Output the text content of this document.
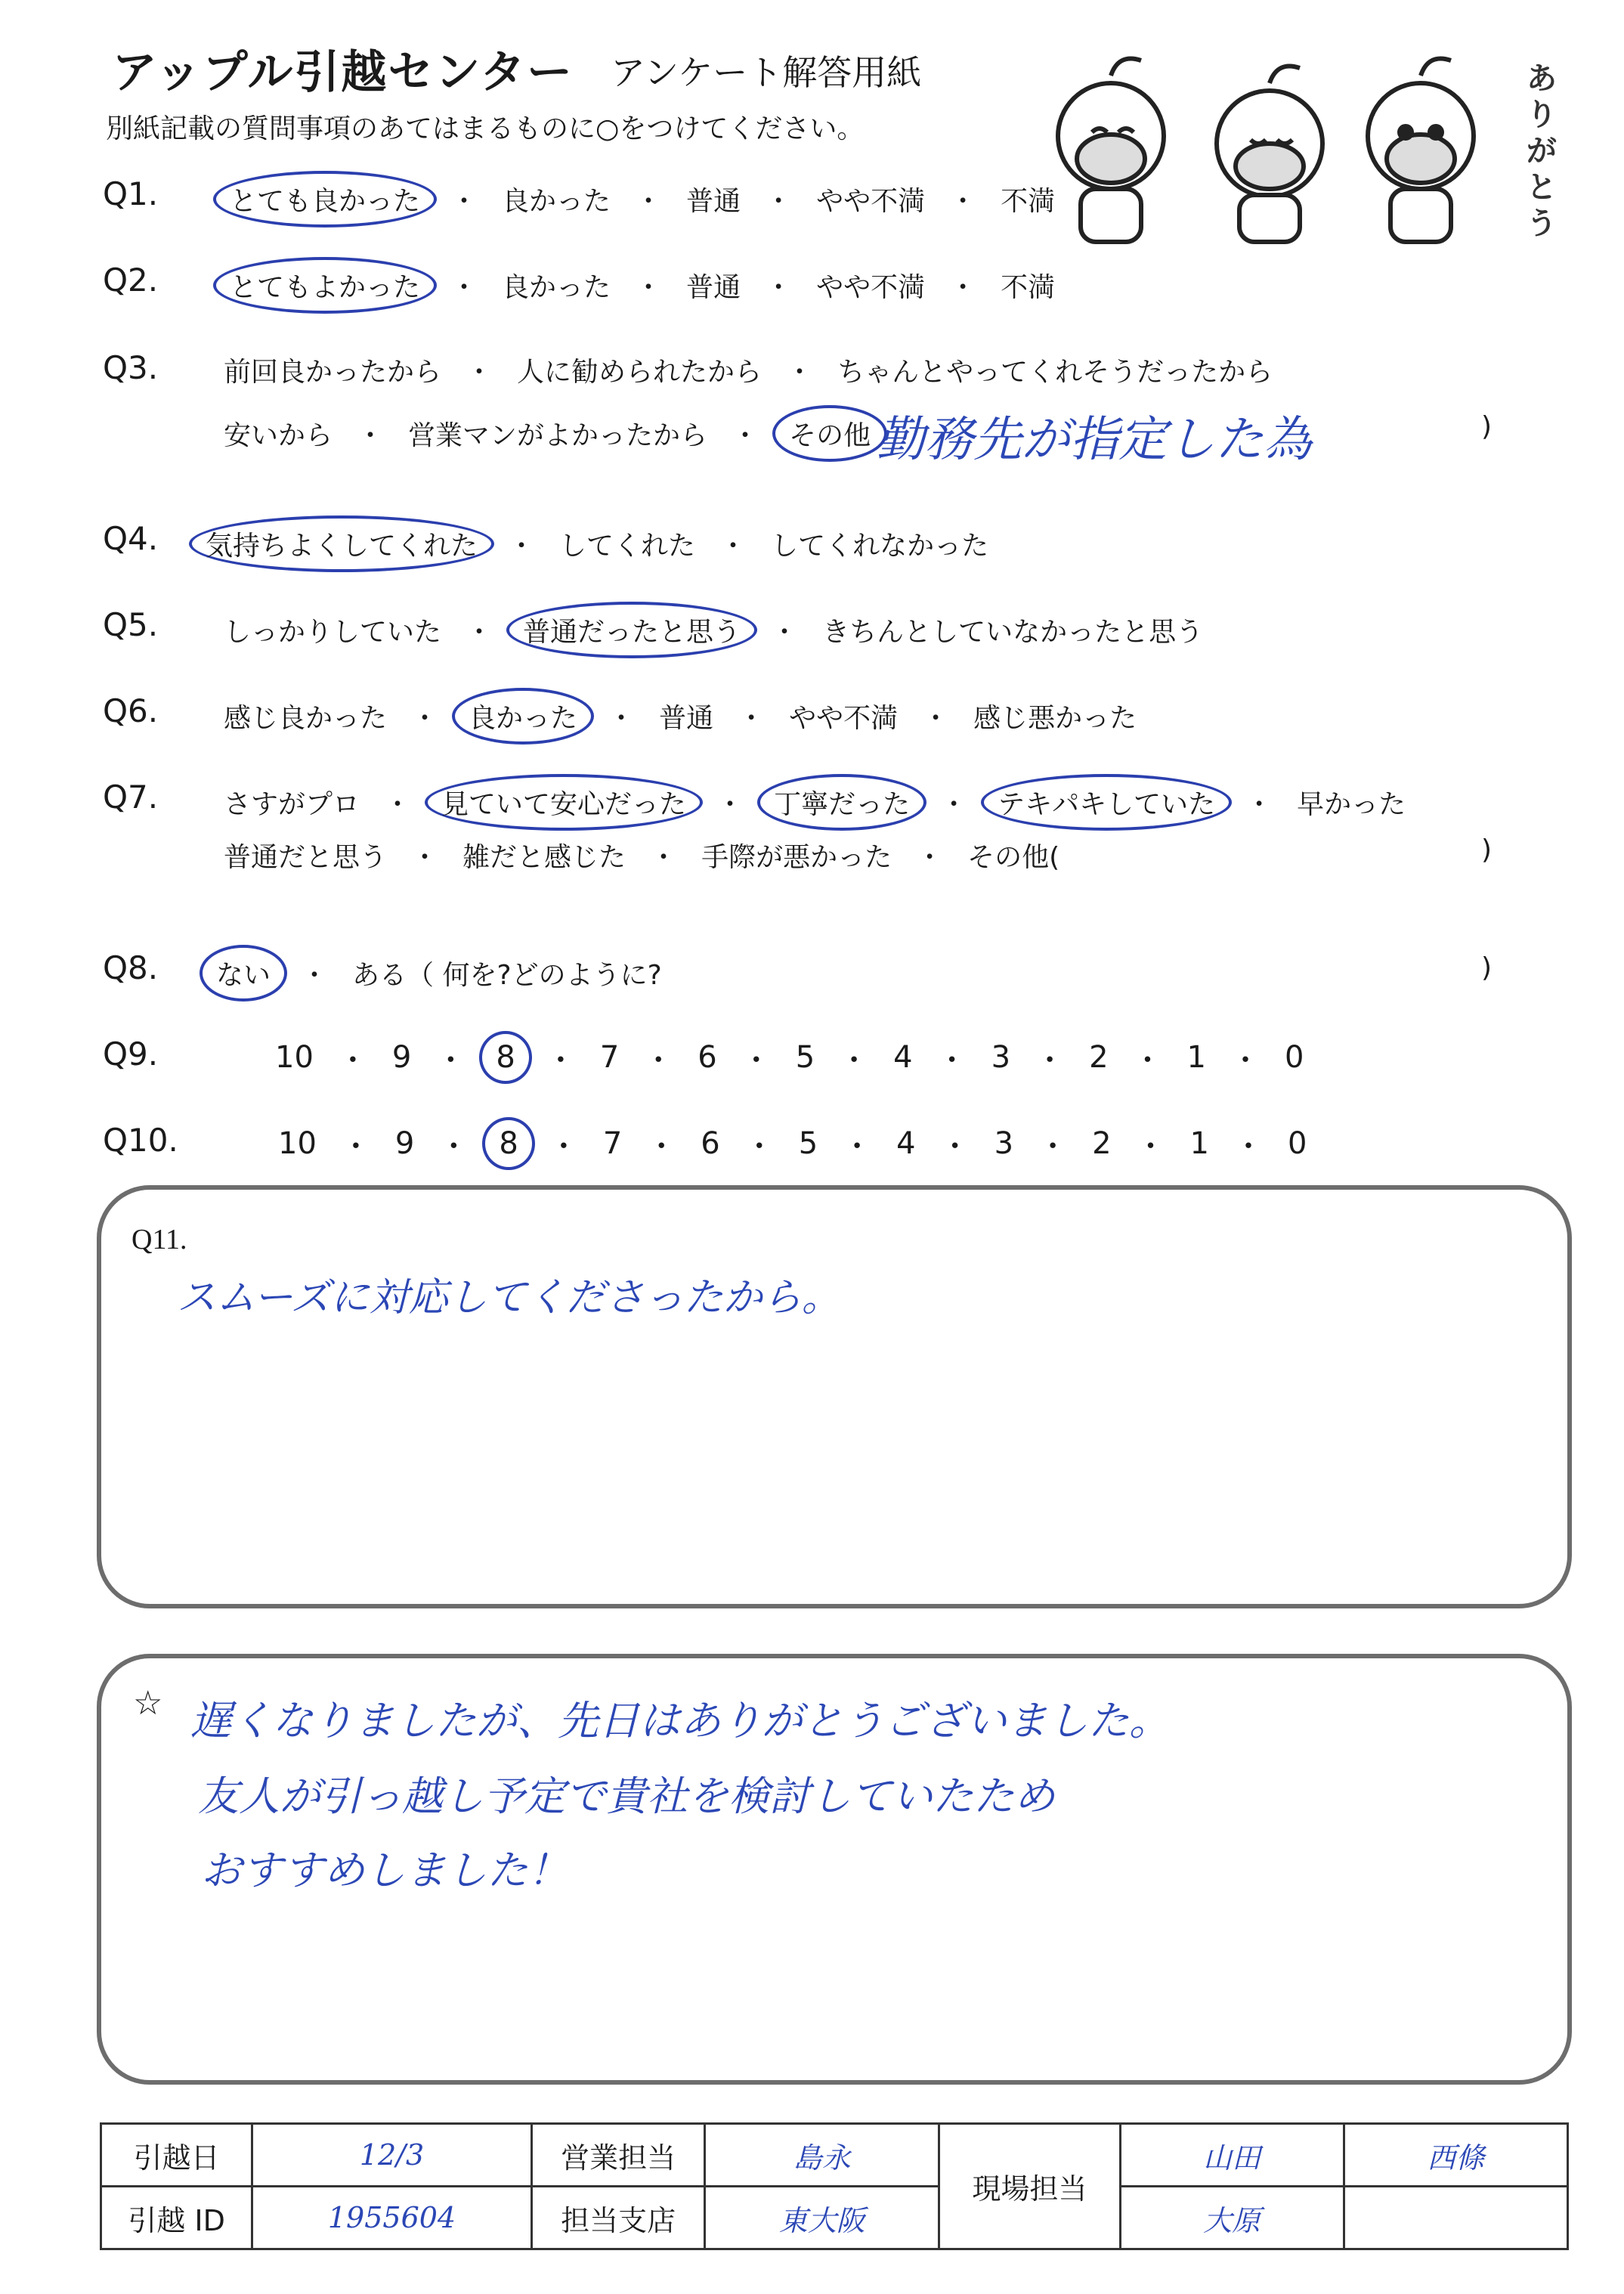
アップル引越センター アンケート解答用紙
別紙記載の質問事項のあてはまるものに○をつけてください。
ありがとう
Q1.	とても良かった	・ 良かった ・ 普通 ・ やや不満 ・ 不満
Q2.	とてもよかった	・ 良かった ・ 普通 ・ やや不満 ・ 不満
Q3.	前回良かったから ・ 人に勧められたから ・ ちゃんとやってくれそうだったから
安いから ・ 営業マンがよかったから ・	その他 勤務先が指定した為	)
Q4.	気持ちよくしてくれた	・ してくれた ・ してくれなかった
Q5.	しっかりしていた ・	普通だったと思う	・ きちんとしていなかったと思う
Q6.	感じ良かった ・	良かった	・ 普通 ・ やや不満 ・ 感じ悪かった
Q7.	さすがプロ ・	見ていて安心だった	・	丁寧だった	・	テキパキしていた	・ 早かった
普通だと思う ・ 雑だと感じた ・ 手際が悪かった ・ その他(	)
Q8.	ない	・ ある（ 何を?どのように?	)
Q9.	10 ・ 9 ・	8	・ 7 ・ 6 ・ 5 ・ 4 ・ 3 ・ 2 ・ 1 ・ 0
Q10.	10 ・ 9 ・	8	・ 7 ・ 6 ・ 5 ・ 4 ・ 3 ・ 2 ・ 1 ・ 0
Q11.
スムーズに対応してくださったから。
☆ 遅くなりましたが、先日はありがとうございました。
友人が引っ越し予定で貴社を検討していたため
おすすめしました！
引越日	12/3	営業担当	島永	現場担当	山田	西條
引越 ID	1955604	担当支店	東大阪		大原	
